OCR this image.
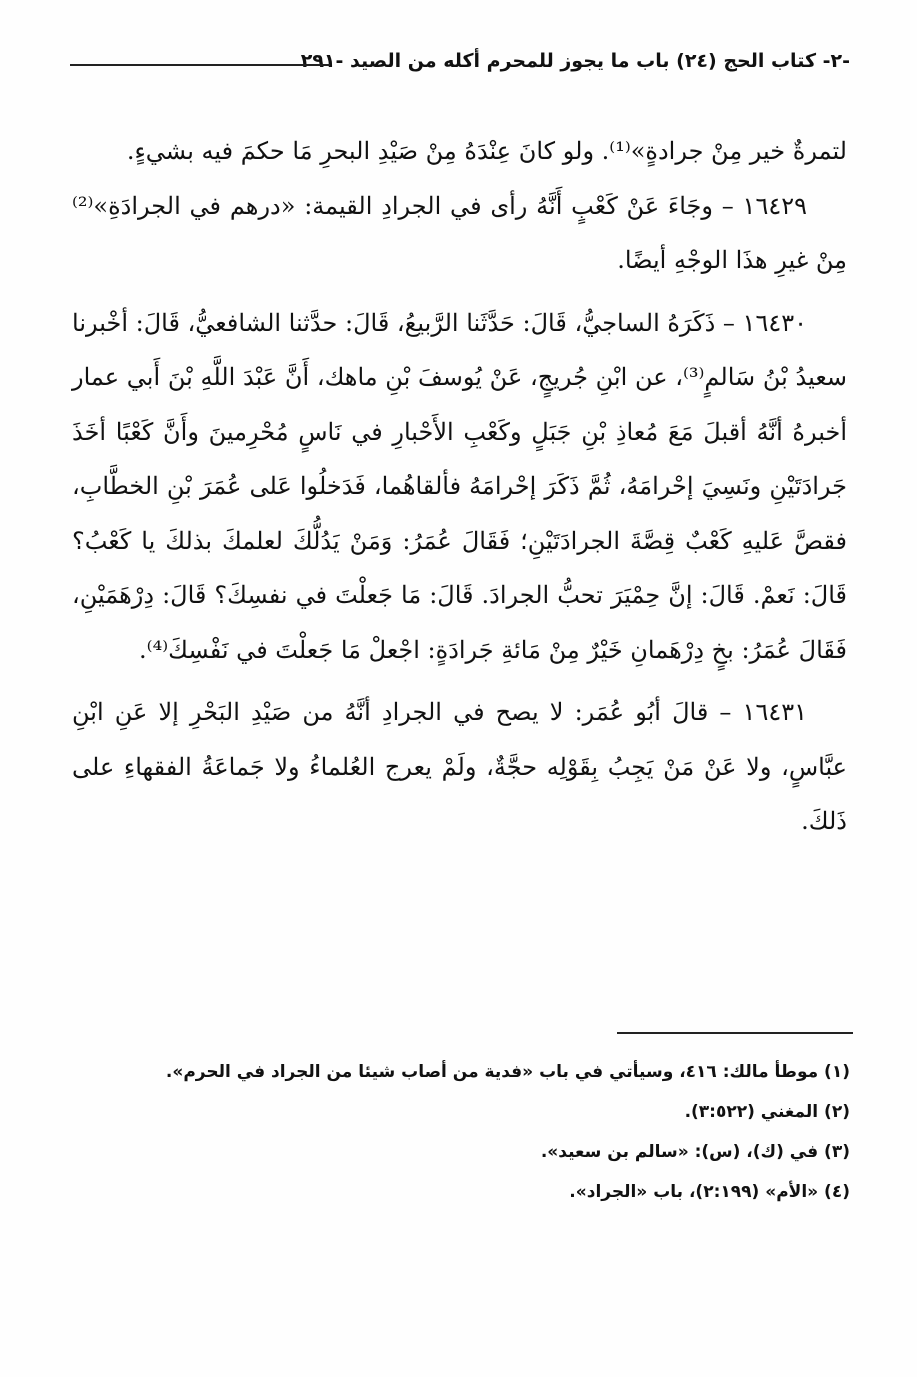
-٢- كتاب الحج (٢٤) باب ما يجوز للمحرم أكله من الصيد -٢٩١

لتمرةٌ خير مِنْ جرادةٍ»⁽¹⁾. ولو كانَ عِنْدَهُ مِنْ صَيْدِ البحرِ مَا حكمَ فيه بشيءٍ.

١٦٤٢٩ – وجَاءَ عَنْ كَعْبٍ أَنَّهُ رأى في الجرادِ القيمة: «درهم في الجرادَةِ»⁽²⁾ مِنْ غيرِ هذَا الوجْهِ أيضًا.

١٦٤٣٠ – ذَكَرَهُ الساجيُّ، قَالَ: حَدَّثَنا الرَّبيعُ، قَالَ: حدَّثنا الشافعيُّ، قَالَ: أخْبرنا سعيدُ بْنُ سَالمٍ⁽³⁾، عن ابْنِ جُريجٍ، عَنْ يُوسفَ بْنِ ماهك، أَنَّ عَبْدَ اللَّهِ بْنَ أَبي عمار أخبرهُ أنَّهُ أقبلَ مَعَ مُعاذِ بْنِ جَبَلٍ وكَعْبِ الأَحْبارِ في نَاسٍ مُحْرِمينَ وأَنَّ كَعْبًا أخَذَ جَرادَتَيْنِ ونَسِيَ إحْرامَهُ، ثُمَّ ذَكَرَ إحْرامَهُ فألقاهُما، فَدَخلُوا عَلى عُمَرَ بْنِ الخطَّابِ، فقصَّ عَليهِ كَعْبٌ قِصَّةَ الجرادَتَيْنِ؛ فَقَالَ عُمَرُ: وَمَنْ يَدُلُّكَ لعلمكَ بذلكَ يا كَعْبُ؟ قَالَ: نَعمْ. قَالَ: إنَّ حِمْيَرَ تحبُّ الجرادَ. قَالَ: مَا جَعلْتَ في نفسِكَ؟ قَالَ: دِرْهَمَيْنِ، فَقَالَ عُمَرُ: بخٍ دِرْهَمانِ خَيْرٌ مِنْ مَائةِ جَرادَةٍ: اجْعلْ مَا جَعلْتَ في نَفْسِكَ⁽⁴⁾.

١٦٤٣١ – قالَ أبُو عُمَر: لا يصح في الجرادِ أنَّهُ من صَيْدِ البَحْرِ إلا عَنِ ابْنِ عبَّاسٍ، ولا عَنْ مَنْ يَجِبُ بِقَوْلِه حجَّةٌ، ولَمْ يعرج العُلماءُ ولا جَماعَةُ الفقهاءِ على ذَلكَ.

(١) موطأ مالك: ٤١٦، وسيأتي في باب «فدية من أصاب شيئا من الجراد في الحرم».
(٢) المغني (٣:٥٢٢).
(٣) في (ك)، (س): «سالم بن سعيد».
(٤) «الأم» (٢:١٩٩)، باب «الجراد».
